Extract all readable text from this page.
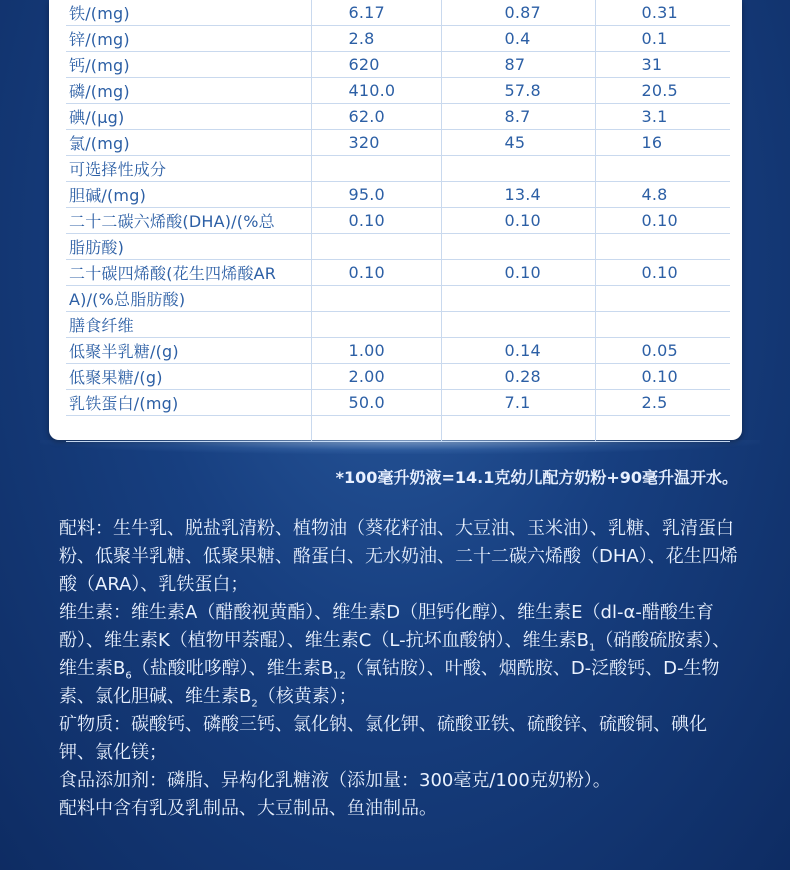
铁/(mg)	6.17	0.87	0.31
锌/(mg)	2.8	0.4	0.1
钙/(mg)	620	87	31
磷/(mg)	410.0	57.8	20.5
碘/(μg)	62.0	8.7	3.1
氯/(mg)	320	45	16
可选择性成分			
胆碱/(mg)	95.0	13.4	4.8
二十二碳六烯酸(DHA)/(%总	0.10	0.10	0.10
脂肪酸)			
二十碳四烯酸(花生四烯酸AR	0.10	0.10	0.10
A)/(%总脂肪酸)			
膳食纤维			
低聚半乳糖/(g)	1.00	0.14	0.05
低聚果糖/(g)	2.00	0.28	0.10
乳铁蛋白/(mg)	50.0	7.1	2.5

*100毫升奶液=14.1克幼儿配方奶粉+90毫升温开水。

配料：生牛乳、脱盐乳清粉、植物油（葵花籽油、大豆油、玉米油）、乳糖、乳清蛋白粉、低聚半乳糖、低聚果糖、酪蛋白、无水奶油、二十二碳六烯酸（DHA）、花生四烯酸（ARA）、乳铁蛋白；

维生素：维生素A（醋酸视黄酯）、维生素D（胆钙化醇）、维生素E（dl-α-醋酸生育酚）、维生素K（植物甲萘醌）、维生素C（L-抗坏血酸钠）、维生素$B_1$（硝酸硫胺素）、维生素$B_6$（盐酸吡哆醇）、维生素$B_{12}$（氰钴胺）、叶酸、烟酰胺、D-泛酸钙、D-生物素、氯化胆碱、维生素$B_2$（核黄素）；

矿物质：碳酸钙、磷酸三钙、氯化钠、氯化钾、硫酸亚铁、硫酸锌、硫酸铜、碘化钾、氯化镁；

食品添加剂：磷脂、异构化乳糖液（添加量：300毫克/100克奶粉）。

配料中含有乳及乳制品、大豆制品、鱼油制品。
